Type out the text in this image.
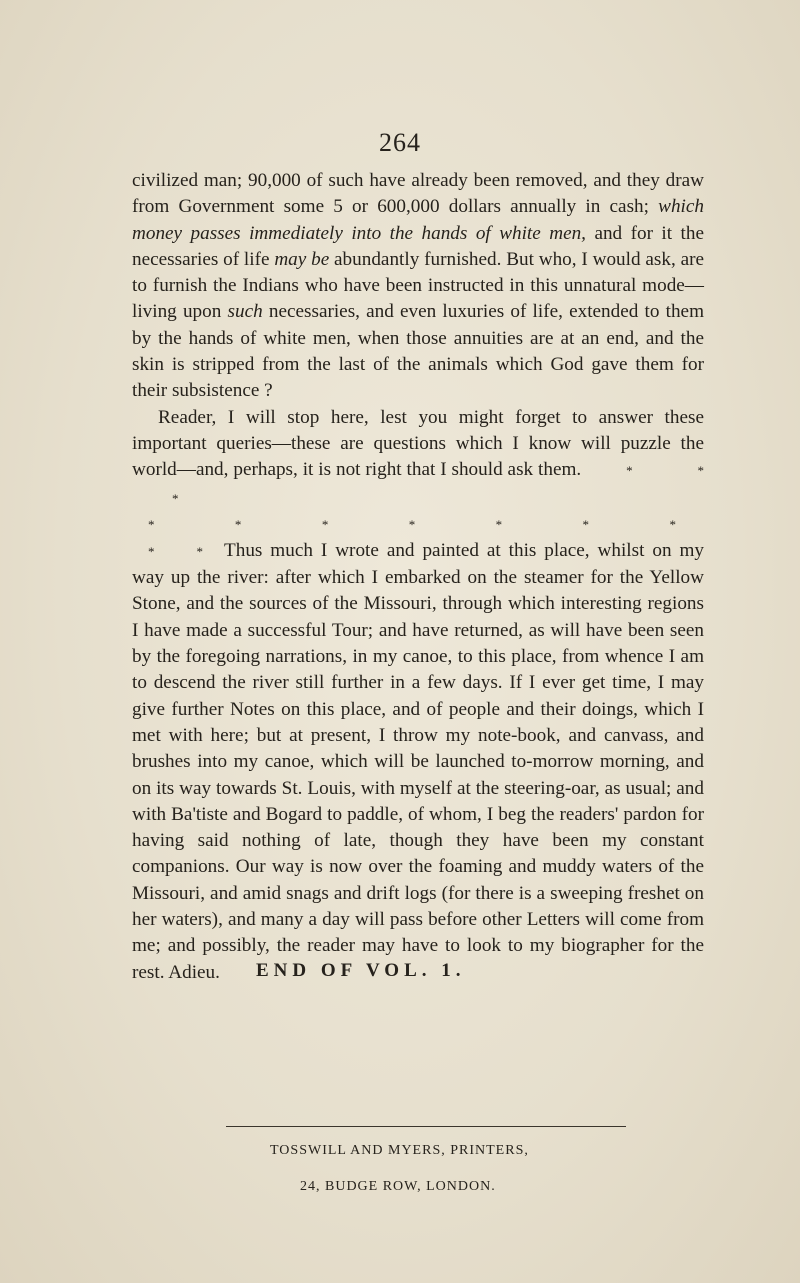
264

civilized man; 90,000 of such have already been removed, and they draw from Government some 5 or 600,000 dollars annually in cash; which money passes immediately into the hands of white men, and for it the necessaries of life may be abundantly furnished. But who, I would ask, are to furnish the Indians who have been instructed in this unnatural mode—living upon such necessaries, and even luxuries of life, extended to them by the hands of white men, when those annuities are at an end, and the skin is stripped from the last of the animals which God gave them for their subsistence ?

Reader, I will stop here, lest you might forget to answer these important queries—these are questions which I know will puzzle the world—and, perhaps, it is not right that I should ask them.	*	* *

*	*	*	*	*	*	*

*	* Thus much I wrote and painted at this place, whilst on my way up the river: after which I embarked on the steamer for the Yellow Stone, and the sources of the Missouri, through which interesting regions I have made a successful Tour; and have returned, as will have been seen by the foregoing narrations, in my canoe, to this place, from whence I am to descend the river still further in a few days. If I ever get time, I may give further Notes on this place, and of people and their doings, which I met with here; but at present, I throw my note-book, and canvass, and brushes into my canoe, which will be launched to-morrow morning, and on its way towards St. Louis, with myself at the steering-oar, as usual; and with Ba'tiste and Bogard to paddle, of whom, I beg the readers' pardon for having said nothing of late, though they have been my constant companions. Our way is now over the foaming and muddy waters of the Missouri, and amid snags and drift logs (for there is a sweeping freshet on her waters), and many a day will pass before other Letters will come from me; and possibly, the reader may have to look to my biographer for the rest. Adieu.	END OF VOL. 1.
TOSSWILL AND MYERS, PRINTERS,
24, BUDGE ROW, LONDON.
